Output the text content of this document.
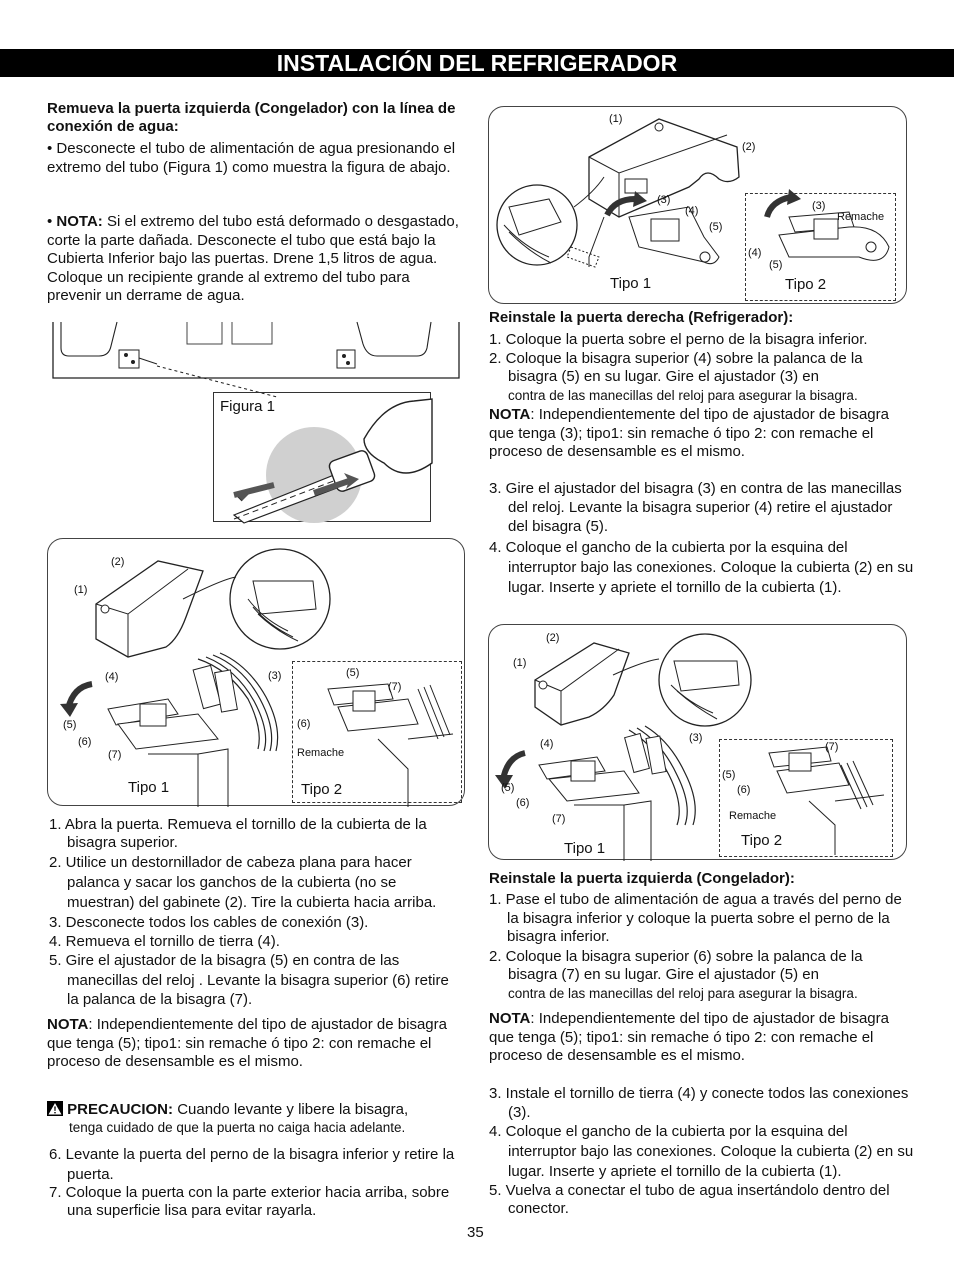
INSTALACIÓN DEL REFRIGERADOR
Remueva la puerta izquierda (Congelador) con la línea de conexión de agua:
• Desconecte el tubo de alimentación de agua presionando el extremo del tubo (Figura 1) como muestra la figura de abajo.
• NOTA: Si el extremo del tubo está deformado o desgastado, corte la parte dañada. Desconecte el tubo que está bajo la Cubierta Inferior bajo las puertas. Drene 1,5 litros de agua. Coloque un recipiente grande al extremo del tubo para prevenir un derrame de agua.
Figura 1
(2)
(1)
(3)
(4)
(5)
(6)
(7)
(5)
(6)
(7)
Remache
Tipo 1	Tipo 2
1. Abra la puerta. Remueva el tornillo de la cubierta de la bisagra superior.
2. Utilice un destornillador de cabeza plana para hacer palanca y sacar los ganchos de la cubierta (no se muestran) del gabinete (2). Tire la cubierta hacia arriba.
3. Desconecte todos los cables de conexión (3).
4. Remueva el tornillo de tierra (4).
5. Gire el ajustador de la bisagra (5) en contra de las manecillas del reloj . Levante la bisagra superior (6) retire la palanca de la bisagra (7).
NOTA: Independientemente del tipo de ajustador de bisagra que tenga (5); tipo1: sin remache ó tipo 2: con remache el proceso de desensamble es el mismo.
PRECAUCION: Cuando levante y libere la bisagra,
tenga cuidado de que la puerta no caiga hacia adelante.
6. Levante la puerta del perno de la bisagra inferior y retire la puerta.
7. Coloque la puerta con la parte exterior hacia arriba, sobre una superficie lisa para evitar rayarla.
35
(1)
(2)
(3)
(4)
(5)
(3)
Remache
(4)
(5)
Tipo 1	Tipo 2
Reinstale la puerta derecha (Refrigerador):
1. Coloque la puerta sobre el perno de la bisagra inferior.
2. Coloque la bisagra superior (4) sobre la palanca de la bisagra (5) en su lugar. Gire el ajustador (3) en
contra de las manecillas del reloj para asegurar la bisagra.
NOTA: Independientemente del tipo de ajustador de bisagra que tenga (3); tipo1: sin remache ó tipo 2: con remache el proceso de desensamble es el mismo.
3. Gire el ajustador del bisagra (3) en contra de las manecillas del reloj. Levante la bisagra superior (4) retire el ajustador del bisagra (5).
4. Coloque el gancho de la cubierta por la esquina del interruptor bajo las conexiones. Coloque la cubierta (2) en su lugar. Inserte y apriete el tornillo de la cubierta (1).
(2)
(1)
(3)
(4)
(5)
(6)
(7)
(5)
(6)
(7)
Remache
Tipo 1	Tipo 2
Reinstale la puerta izquierda (Congelador):
1. Pase el tubo de alimentación de agua a través del perno de la bisagra inferior y coloque la puerta sobre el perno de la bisagra inferior.
2. Coloque la bisagra superior (6) sobre la palanca de la bisagra (7) en su lugar. Gire el ajustador (5) en
contra de las manecillas del reloj para asegurar la bisagra.
NOTA: Independientemente del tipo de ajustador de bisagra que tenga (5); tipo1: sin remache ó tipo 2: con remache el proceso de desensamble es el mismo.
3. Instale el tornillo de tierra (4) y conecte todos las conexiones (3).
4. Coloque el gancho de la cubierta por la esquina del interruptor bajo las conexiones. Coloque la cubierta (2) en su lugar. Inserte y apriete el tornillo de la cubierta (1).
5. Vuelva a conectar el tubo de agua insertándolo dentro del conector.
